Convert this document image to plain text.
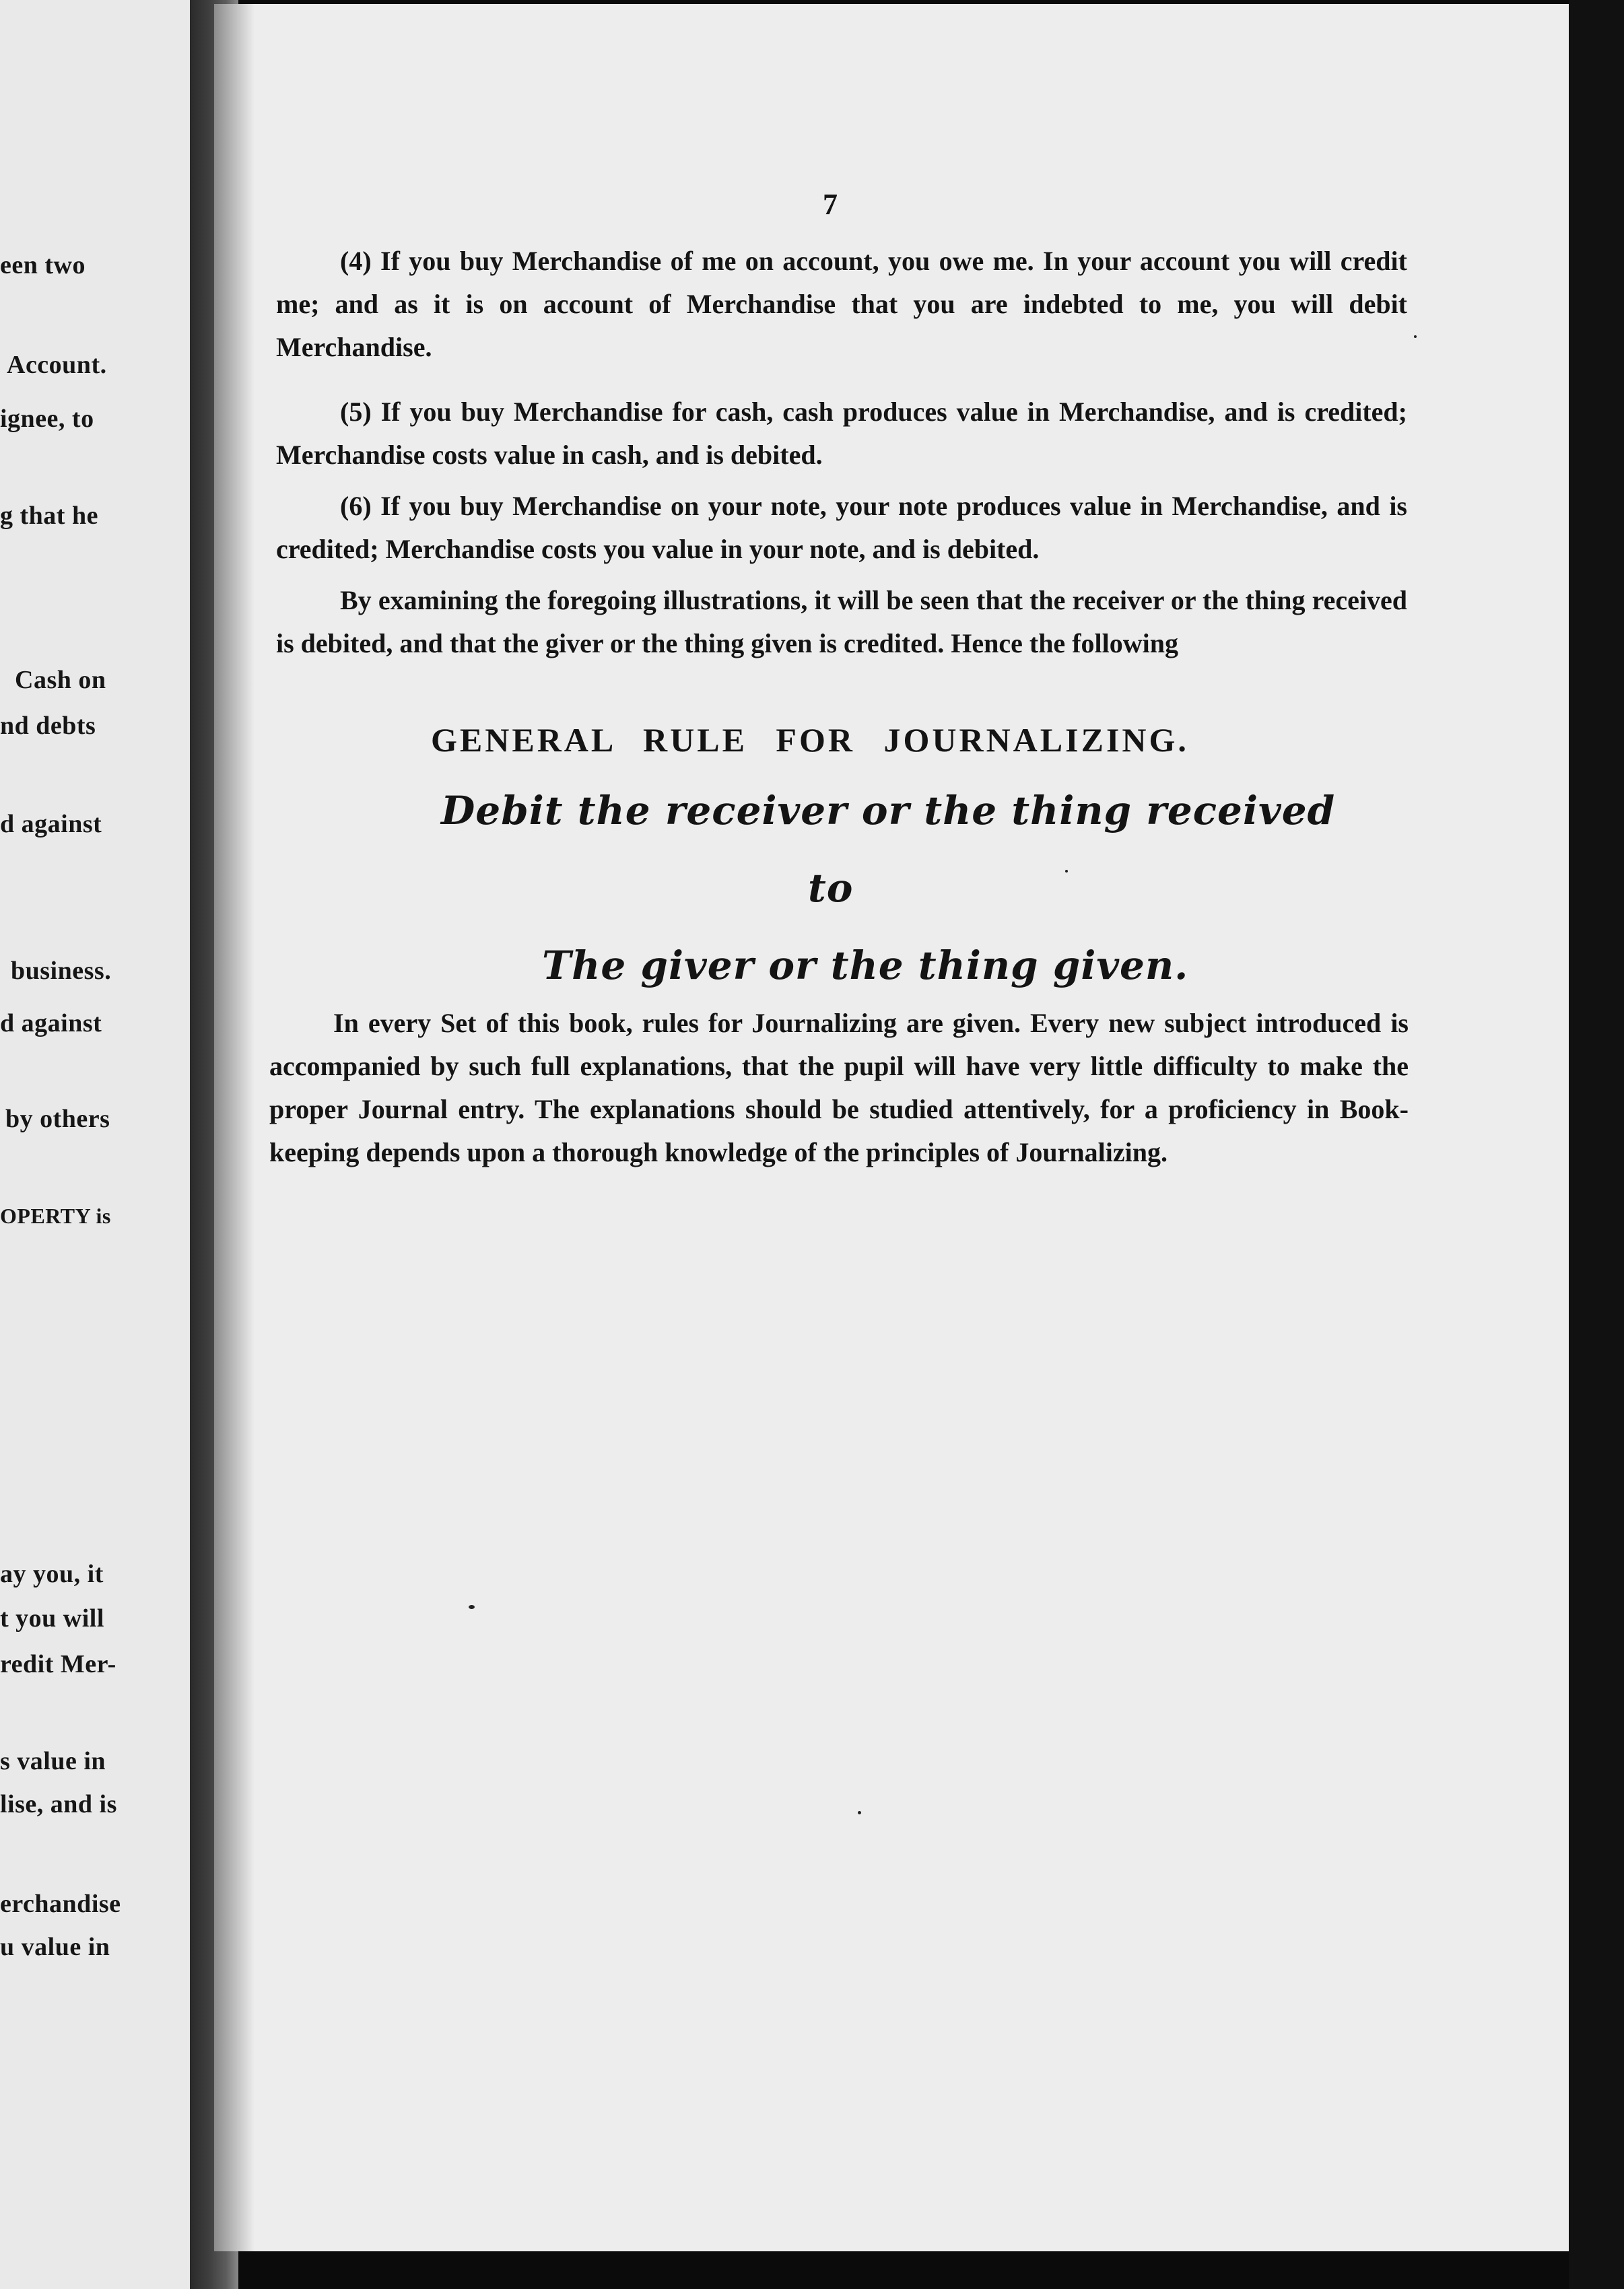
een two
Account.
ignee, to
g that he
Cash on
nd debts
d against
business.
d against
by others
OPERTY is
ay you, it
t you will
redit Mer-
s value in
lise, and is
erchandise
u value in
7

(4) If you buy Merchandise of me on account, you owe me. In your account you will credit me; and as it is on account of Merchandise that you are indebted to me, you will debit Merchandise.

(5) If you buy Merchandise for cash, cash produces value in Merchandise, and is credited; Merchandise costs value in cash, and is debited.

(6) If you buy Merchandise on your note, your note produces value in Merchandise, and is credited; Merchandise costs you value in your note, and is debited.

By examining the foregoing illustrations, it will be seen that the receiver or the thing received is debited, and that the giver or the thing given is credited. Hence the following

GENERAL RULE FOR JOURNALIZING.
Debit the receiver or the thing received
to
The giver or the thing given.

In every Set of this book, rules for Journalizing are given. Every new subject introduced is accompanied by such full explanations, that the pupil will have very little difficulty to make the proper Journal entry. The explanations should be studied attentively, for a proficiency in Book-keeping depends upon a thorough knowledge of the principles of Journalizing.
